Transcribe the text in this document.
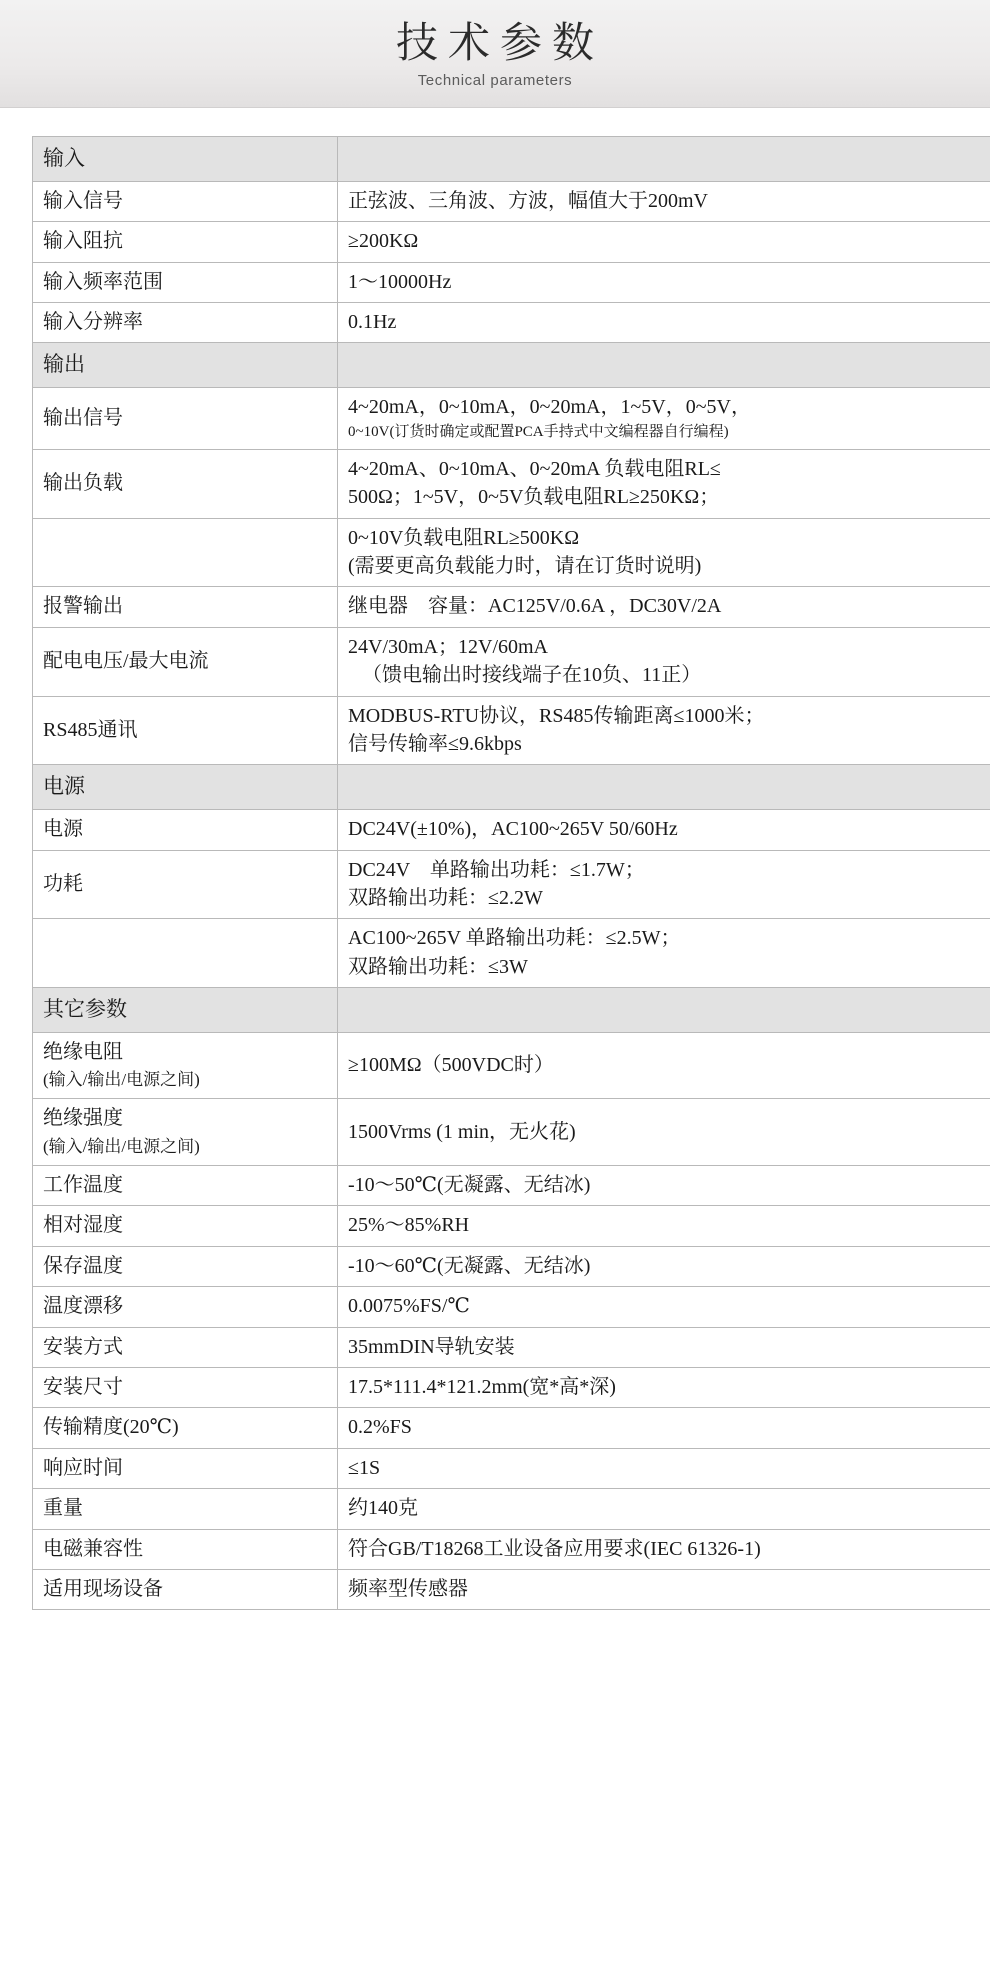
技术参数
Technical parameters
输入	
输入信号	正弦波、三角波、方波，幅值大于200mV
输入阻抗	≥200KΩ
输入频率范围	1～10000Hz
输入分辨率	0.1Hz
输出	
输出信号	4~20mA，0~10mA，0~20mA，1~5V，0~5V，
0~10V(订货时确定或配置PCA手持式中文编程器自行编程)

输出负载	4~20mA、0~10mA、0~20mA 负载电阻RL≤
500Ω；1~5V，0~5V负载电阻RL≥250KΩ；

	0~10V负载电阻RL≥500KΩ
(需要更高负载能力时，请在订货时说明)

报警输出	继电器　容量：AC125V/0.6A ，DC30V/2A
配电电压/最大电流	24V/30mA；12V/60mA
（馈电输出时接线端子在10负、11正）

RS485通讯	MODBUS-RTU协议，RS485传输距离≤1000米；
信号传输率≤9.6kbps

电源	
电源	DC24V(±10%)，AC100~265V 50/60Hz
功耗	DC24V　单路输出功耗：≤1.7W；
双路输出功耗：≤2.2W

	AC100~265V 单路输出功耗：≤2.5W；
双路输出功耗：≤3W

其它参数	
绝缘电阻
(输入/输出/电源之间)	≥100MΩ（500VDC时）
绝缘强度
(输入/输出/电源之间)	1500Vrms (1 min，无火花)
工作温度	-10～50℃(无凝露、无结冰)
相对湿度	25%～85%RH
保存温度	-10～60℃(无凝露、无结冰)
温度漂移	0.0075%FS/℃
安装方式	35mmDIN导轨安装
安装尺寸	17.5*111.4*121.2mm(宽*高*深)
传输精度(20℃)	0.2%FS
响应时间	≤1S
重量	约140克
电磁兼容性	符合GB/T18268工业设备应用要求(IEC 61326-1)
适用现场设备	频率型传感器
